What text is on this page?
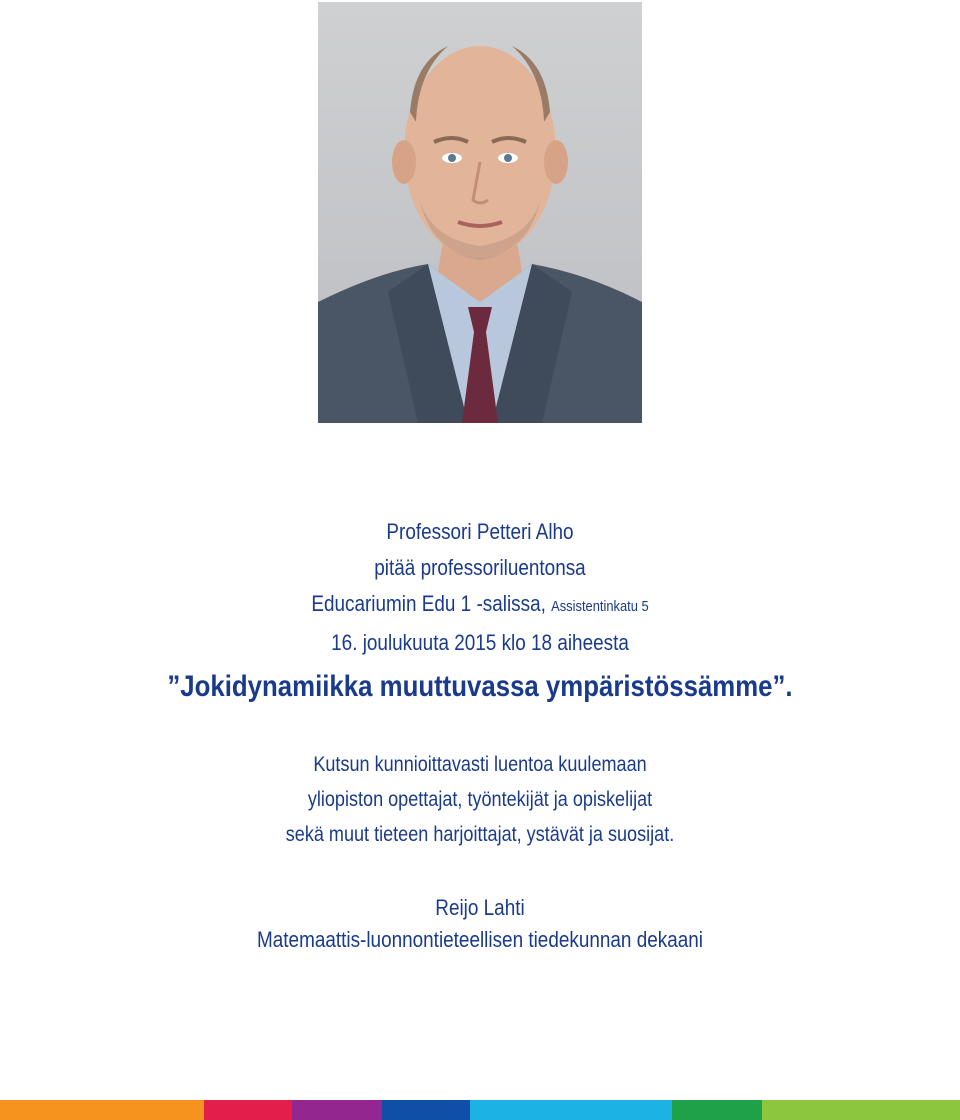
Professori Petteri Alho
pitää professoriluentonsa
Educariumin Edu 1 -salissa, Assistentinkatu 5
16. joulukuuta 2015 klo 18 aiheesta
”Jokidynamiikka muuttuvassa ympäristössämme”.
Kutsun kunnioittavasti luentoa kuulemaan
yliopiston opettajat, työntekijät ja opiskelijat
sekä muut tieteen harjoittajat, ystävät ja suosijat.
Reijo Lahti
Matemaattis-luonnontieteellisen tiedekunnan dekaani
